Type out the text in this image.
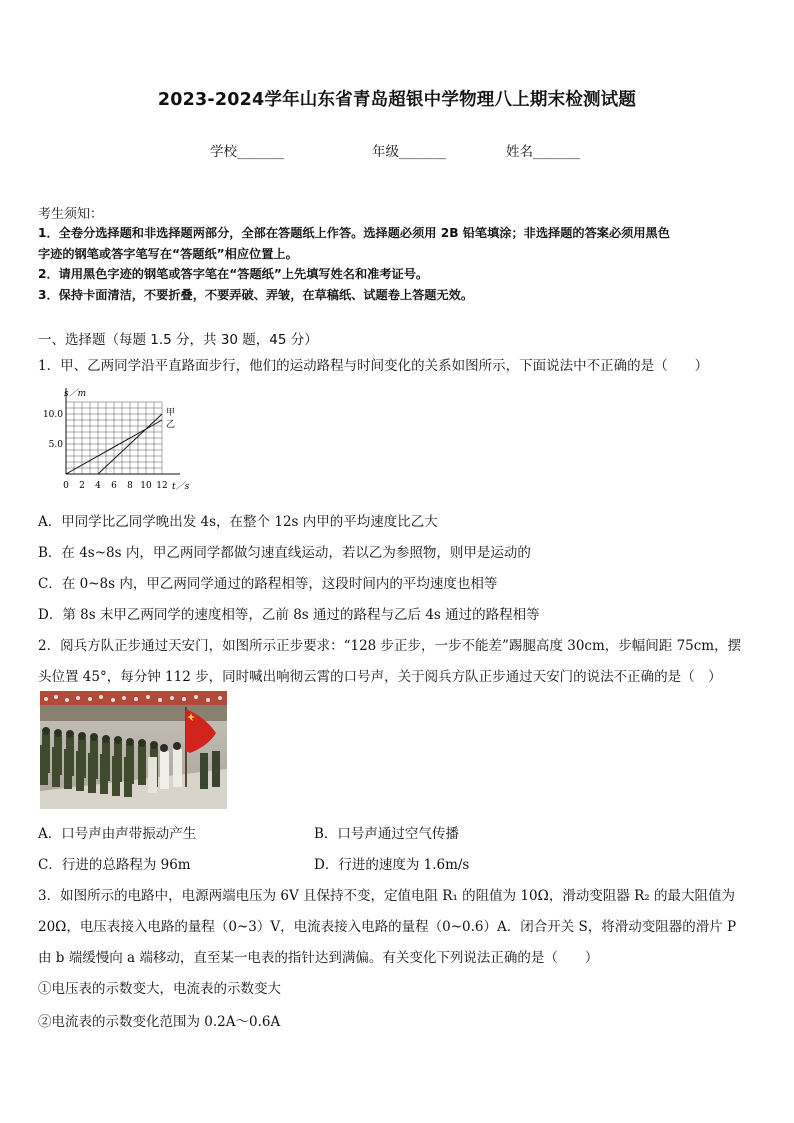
2023-2024学年山东省青岛超银中学物理八上期末检测试题
学校_______	年级_______	姓名_______
考生须知：
1．全卷分选择题和非选择题两部分，全部在答题纸上作答。选择题必须用 2B 铅笔填涂；非选择题的答案必须用黑色
字迹的钢笔或答字笔写在“答题纸”相应位置上。
2．请用黑色字迹的钢笔或答字笔在“答题纸”上先填写姓名和准考证号。
3．保持卡面清洁，不要折叠，不要弄破、弄皱，在草稿纸、试题卷上答题无效。
一、选择题（每题 1.5 分，共 30 题，45 分）
1．甲、乙两同学沿平直路面步行，他们的运动路程与时间变化的关系如图所示，下面说法中不正确的是（　　）
甲
乙
0 2 4 6 8 10 12
5.0
10.0
s／m
t／s
A．甲同学比乙同学晚出发 4s，在整个 12s 内甲的平均速度比乙大
B．在 4s~8s 内，甲乙两同学都做匀速直线运动，若以乙为参照物，则甲是运动的
C．在 0~8s 内，甲乙两同学通过的路程相等，这段时间内的平均速度也相等
D．第 8s 末甲乙两同学的速度相等，乙前 8s 通过的路程与乙后 4s 通过的路程相等
2．阅兵方队正步通过天安门，如图所示正步要求：“128 步正步，一步不能差”踢腿高度 30cm，步幅间距 75cm，摆
头位置 45°，每分钟 112 步，同时喊出响彻云霄的口号声，关于阅兵方队正步通过天安门的说法不正确的是（　）
A．口号声由声带振动产生	B．口号声通过空气传播
C．行进的总路程为 96m	D．行进的速度为 1.6m/s
3．如图所示的电路中，电源两端电压为 6V 且保持不变，定值电阻 R₁ 的阻值为 10Ω，滑动变阻器 R₂ 的最大阻值为
20Ω，电压表接入电路的量程（0~3）V，电流表接入电路的量程（0~0.6）A．闭合开关 S，将滑动变阻器的滑片 P
由 b 端缓慢向 a 端移动，直至某一电表的指针达到满偏。有关变化下列说法正确的是（　　）
①电压表的示数变大，电流表的示数变大
②电流表的示数变化范围为 0.2A～0.6A
